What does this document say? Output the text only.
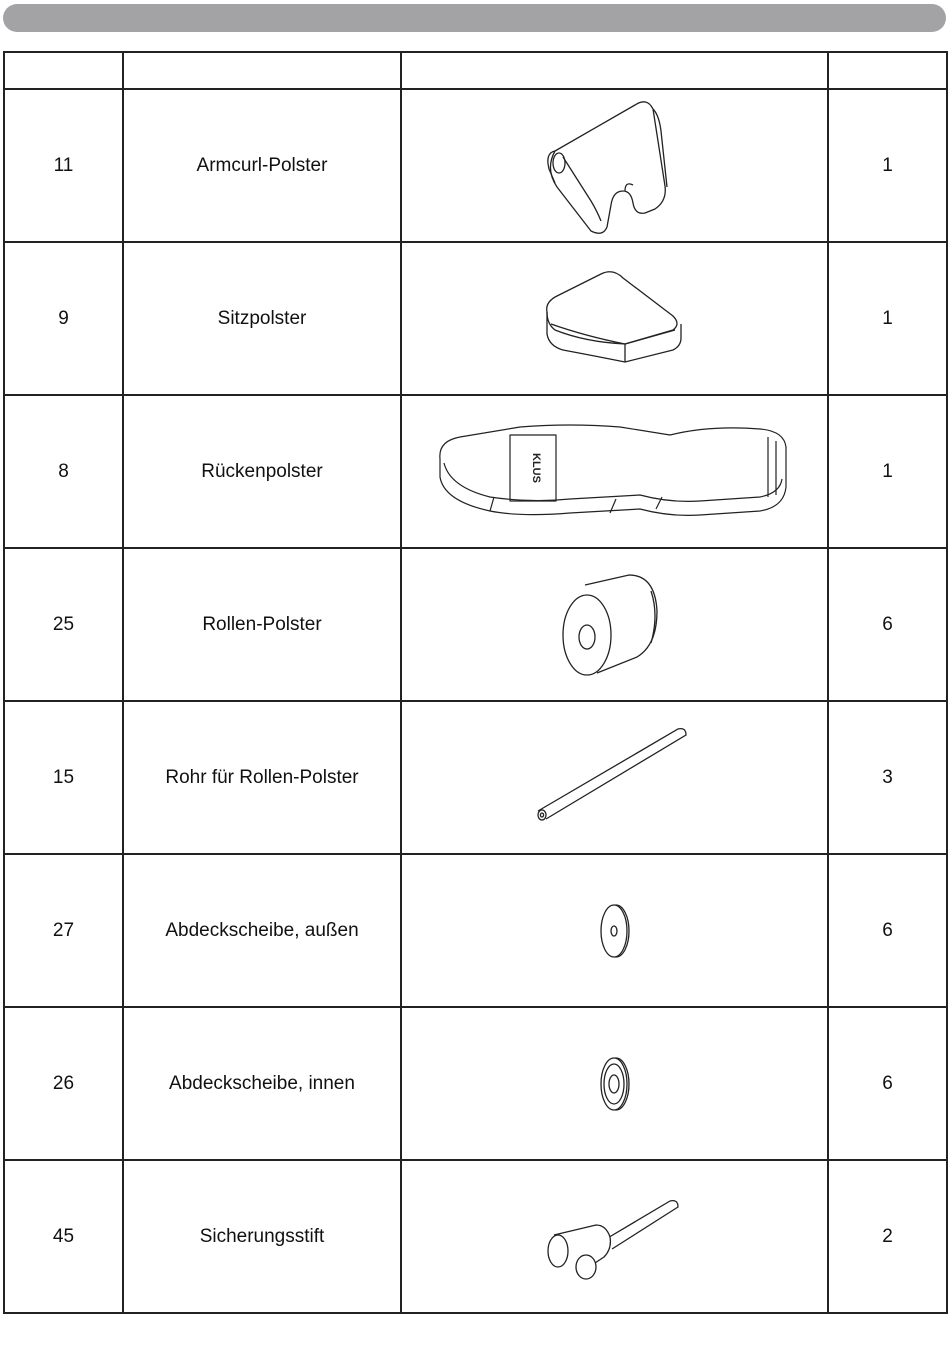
11	Armcurl-Polster		1
9	Sitzpolster		1
8	Rückenpolster	KLUS	1
25	Rollen-Polster		6
15	Rohr für Rollen-Polster		3
27	Abdeckscheibe, außen		6
26	Abdeckscheibe, innen		6
45	Sicherungsstift		2
